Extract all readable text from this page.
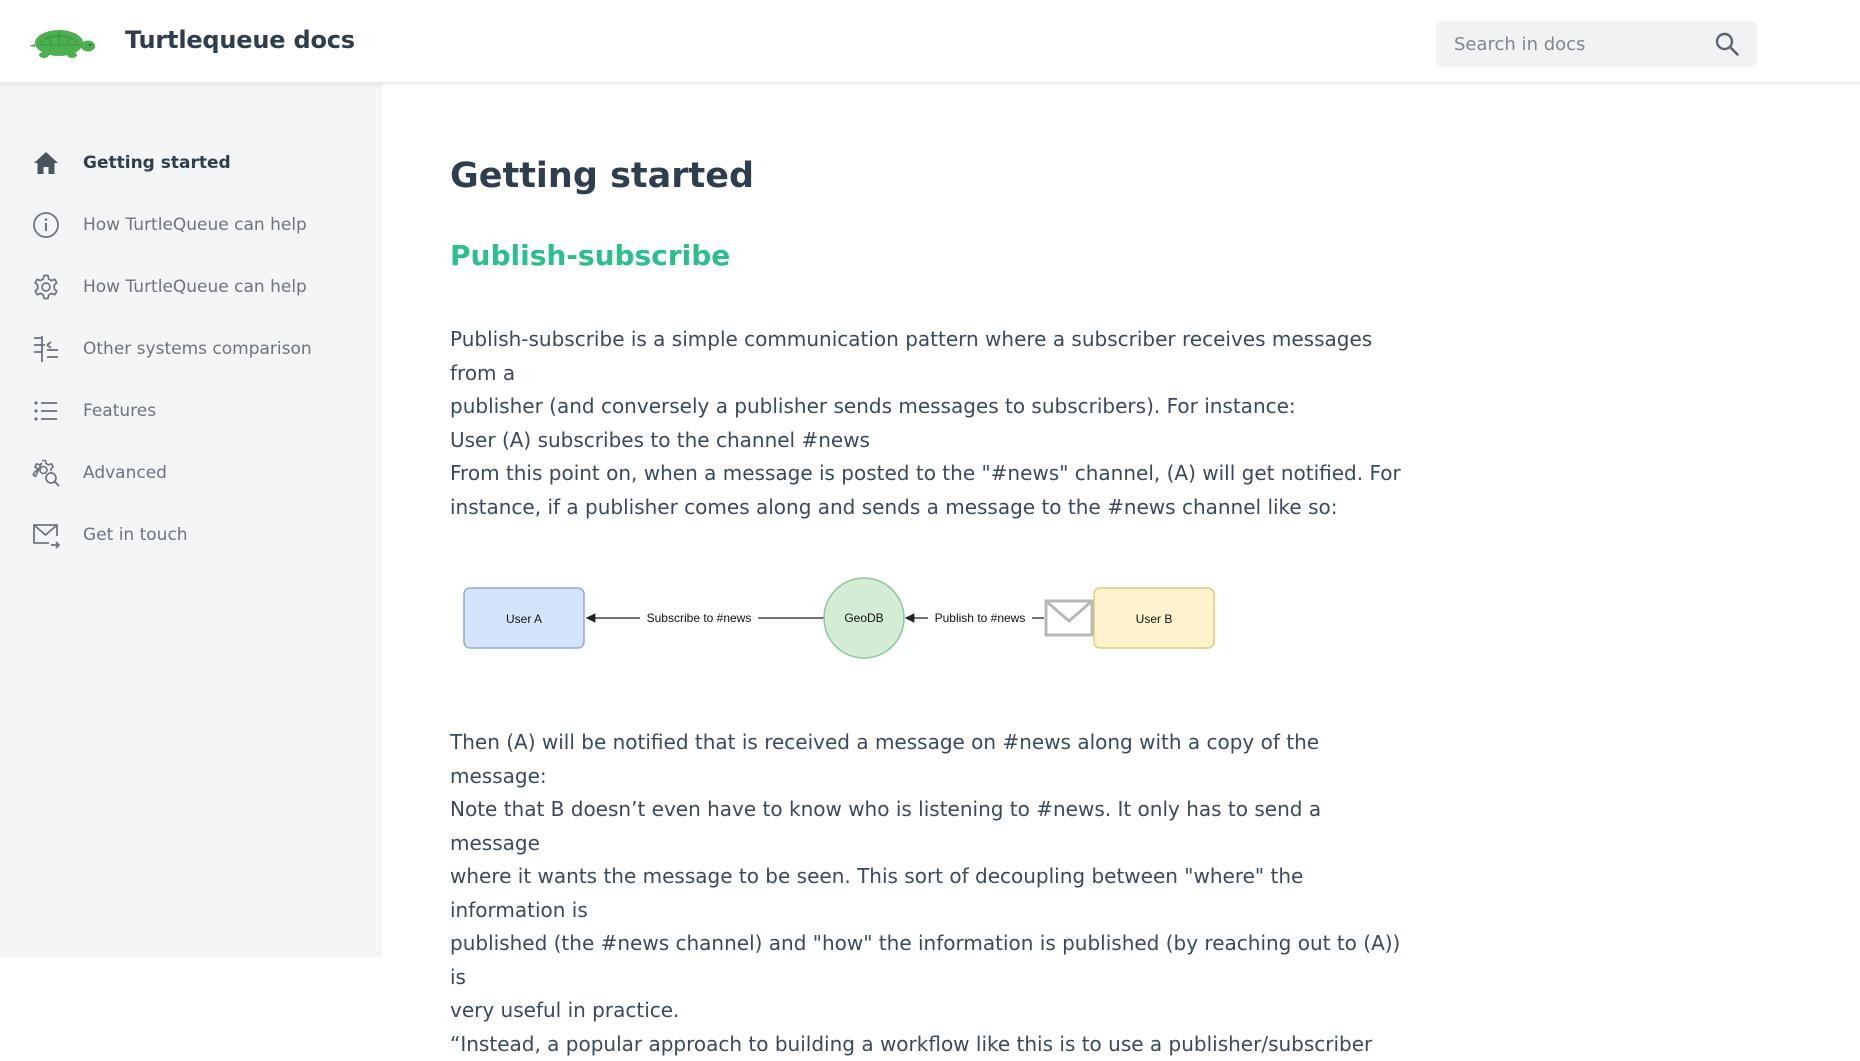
Turtlequeue docs
Search in docs
Getting started
How TurtleQueue can help
How TurtleQueue can help
Other systems comparison
Features
Advanced
Get in touch
Getting started
Publish-subscribe
Publish-subscribe is a simple communication pattern where a subscriber receives messages from a
publisher (and conversely a publisher sends messages to subscribers). For instance:
User (A) subscribes to the channel #news
From this point on, when a message is posted to the "#news" channel, (A) will get notified. For
instance, if a publisher comes along and sends a message to the #news channel like so:
User A	Subscribe to #news	GeoDB	Publish to #news	User B
Then (A) will be notified that is received a message on #news along with a copy of the message:
Note that B doesn’t even have to know who is listening to #news. It only has to send a message
where it wants the message to be seen. This sort of decoupling between "where" the information is
published (the #news channel) and "how" the information is published (by reaching out to (A)) is
very useful in practice.
“Instead, a popular approach to building a workflow like this is to use a publisher/subscriber
